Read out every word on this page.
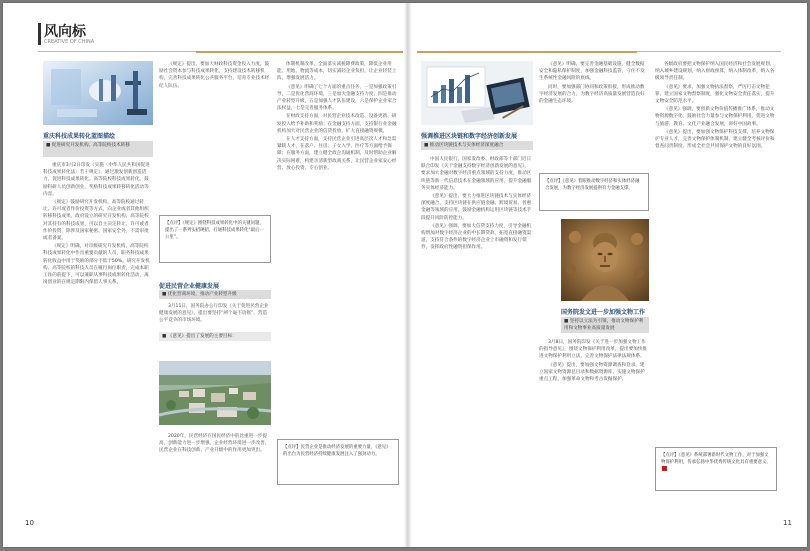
风向标
CREATIVE OF CHINA
重庆科技成果转化蓝图描绘
■ 促进研究开发机构、高等院校技术转移

重庆市3月2日印发《实施〈中华人民共和国促进科技成果转化法〉若干规定》，通过激发创新创造活力，促进科技成果转化。高等院校科技成果转化，鼓励科研人员创新创业，奖励科技成果转移转化活动等内容。

《规定》鼓励研究开发机构、高等院校通过转让、许可或者作价投资等方式，向企业或者其他组织转移科技成果。政府设立的研究开发机构、高等院校对其持有的科技成果，可以自主决定转让、许可或者作价投资，除涉及国家秘密、国家安全外，不需审批或者备案。

《规定》明确，对市级研究开发机构、高等院校科技成果转化中作出重要贡献的人员，职务科技成果转化收益中用于奖励的部分不低于50%。研究开发机构、高等院校的科技人员在履行岗位职责，完成本职工作的前提下，可以兼职从事科技成果转化活动，离岗创业的在规定期限内保留人事关系。

《规定》提出，要加大财政科技资金投入力度，鼓励社会资本参与科技成果转化，支持建设技术转移机构，完善科技成果转化公共服务平台，培育专业技术经纪人队伍。

【点评】《规定》围绕科技成果转化中的关键问题，提出了一系列实招硬招，打通科技成果转化“最后一公里”。
促进民营企业健康发展
■ 优化营商环境，推动产业转型升级

3月11日，国务院办公厅印发《关于促进民营企业健康发展的意见》，提出要坚持“两个毫不动摇”，营造公平竞争的市场环境。

■ 《意见》提出了发展的主要目标：

2020年，民营经济在国民经济中的比重进一步提高，创新能力进一步增强，企业经营环境进一步改善，民营企业在科技创新、产业升级中的作用更加突出。

体制机制改革，全面落实减税降费政策，降低企业用能、用地、物流等成本，切实减轻企业负担，让企业轻装上阵，增强发展活力。

《意见》明确了七个方面的重点任务，一是加强政策引导，二是优化营商环境，三是加大金融支持力度，四是推动产业转型升级，五是加强人才队伍建设，六是保护企业家合法权益，七是完善服务体系。

在财政支持方面，对民营企业技术改造、设备更新、研发投入给予补助和奖励；在金融支持方面，支持银行业金融机构加大对民营企业的信贷投放，扩大直接融资规模。

在人才支持方面，支持民营企业引进高层次人才和急需紧缺人才，在落户、住房、子女入学、医疗等方面给予保障；在服务方面，建立健全政企沟通机制，及时帮助企业解决实际困难，构建亲清新型政商关系，让民营企业家安心经营、放心投资、专心创业。

【点评】民营企业是推动经济发展的重要力量，《意见》的出台为民营经济持续健康发展注入了强劲动力。
10
强调推进区块链和数字经济创新发展
■ 推动区块链技术与实体经济深度融合

中国人民银行、国家发改委、财政部等十部门近日联合印发《关于金融支持数字经济创新发展的意见》，要求加大金融对数字经济重点领域的支持力度，推动区块链等新一代信息技术在金融领域的应用，提升金融服务实体经济能力。

《意见》提出，要大力推进区块链技术与实体经济深度融合，支持区块链在供应链金融、跨境贸易、普惠金融等领域的应用，鼓励金融机构运用区块链等技术手段提升风险防控能力。

《意见》强调，要加大信贷支持力度，引导金融机构增加对数字经济企业的中长期贷款，拓宽直接融资渠道，支持符合条件的数字经济企业上市融资和发行债券，发挥政府性融资担保作用。

《意见》明确，要完善金融基础设施，健全数据安全和隐私保护制度，加强金融科技监管，守住不发生系统性金融风险的底线。

同时，要加强部门协同和政策衔接，形成推动数字经济发展的合力，为数字经济高质量发展营造良好的金融生态环境。

【点评】《意见》着眼推动数字经济和实体经济融合发展，为数字经济发展提供有力金融支撑。
国务院发文进一步加强文物工作
■ 坚持以立法为引领，推动文物保护利用和文物事业高质量发展

3月8日，国务院印发《关于进一步加强文物工作的指导意见》，围绕文物保护利用改革，提出要加快推进文物保护利用立法，完善文物保护法律法规体系。

《意见》提出，要加强文物资源调查和登录，建立国家文物资源总目录和数据资源库，实施文物保护重点工程，加强革命文物和考古发掘保护。

各级政府要把文物保护纳入国民经济和社会发展规划，纳入城乡建设规划，纳入财政预算，纳入体制改革，纳入各级领导责任制。

《意见》要求，加强文物执法督察，严厉打击文物犯罪，建立国家文物督察制度，强化文物安全责任落实，提升文物安全防范水平。

《意见》强调，要创新文物价值传播推广体系，推动文物资源数字化，鼓励社会力量参与文物保护利用，促进文物与旅游、教育、文化产业融合发展，讲好中国故事。

《意见》提出，要加强文物保护科技支撑，培养文物保护专业人才，完善文物保护体制机制，建立健全考核评价和督查问责制度，形成全社会共同保护文物的良好氛围。

【点评】《意见》系统部署新时代文物工作，对于加强文物保护利用，传承弘扬中华优秀传统文化具有重要意义。
11
